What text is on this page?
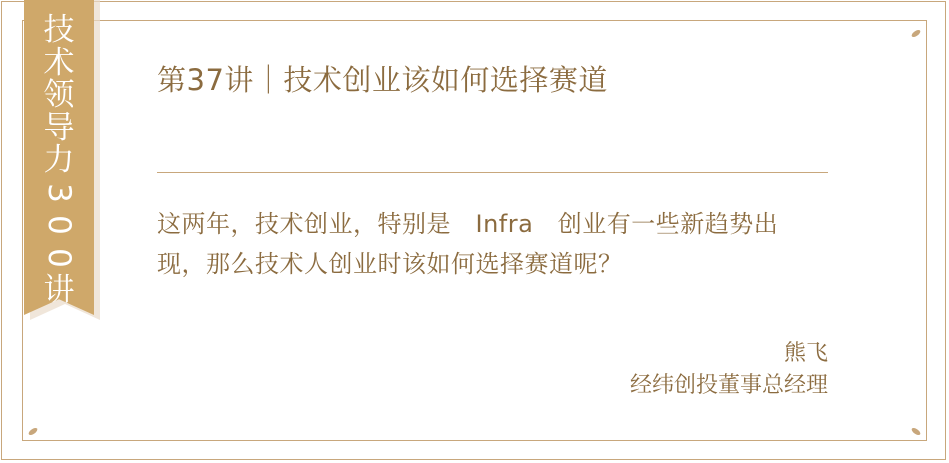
技
术
领
导
力
3
0
0
讲
第37讲｜技术创业该如何选择赛道
这两年，技术创业，特别是　Infra　创业有一些新趋势出
现，那么技术人创业时该如何选择赛道呢？
熊飞
经纬创投董事总经理
